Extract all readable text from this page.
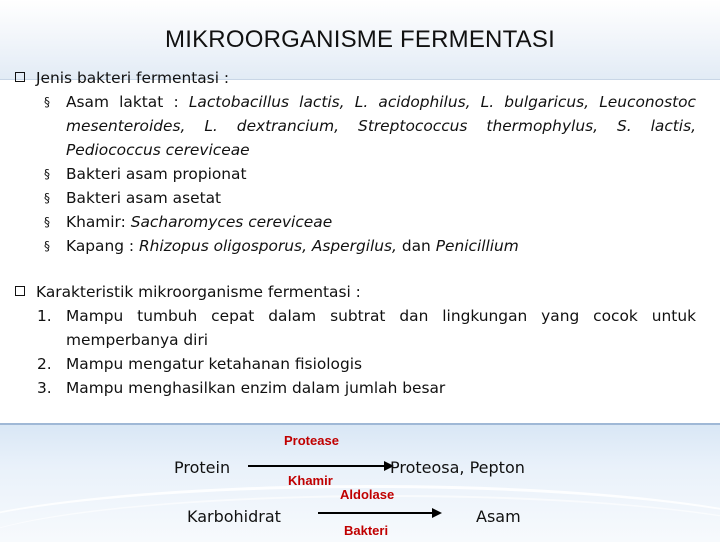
MIKROORGANISME FERMENTASI
Jenis bakteri fermentasi :
§ Asam laktat : Lactobacillus lactis, L. acidophilus, L. bulgaricus, Leuconostoc mesenteroides, L. dextrancium, Streptococcus thermophylus, S. lactis, Pediococcus cereviceae
§ Bakteri asam propionat
§ Bakteri asam asetat
§ Khamir: Sacharomyces cereviceae
§ Kapang : Rhizopus oligosporus, Aspergilus, dan Penicillium
Karakteristik mikroorganisme fermentasi :
1. Mampu tumbuh cepat dalam subtrat dan lingkungan yang cocok untuk memperbanya diri
2. Mampu mengatur ketahanan fisiologis
3. Mampu menghasilkan enzim dalam jumlah besar
Protease
Protein	Proteosa, Pepton
Khamir
Aldolase
Karbohidrat	Asam
Bakteri
